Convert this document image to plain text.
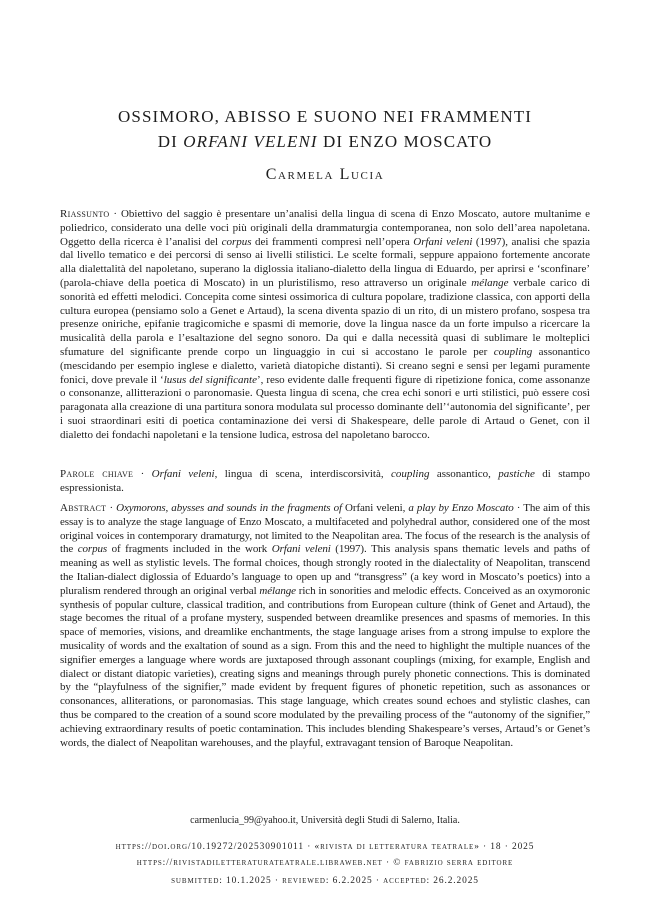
OSSIMORO, ABISSO E SUONO NEI FRAMMENTI
DI ORFANI VELENI DI ENZO MOSCATO
Carmela Lucia

Riassunto · Obiettivo del saggio è presentare un’analisi della lingua di scena di Enzo Moscato, autore multanime e poliedrico, considerato una delle voci più originali della drammaturgia contemporanea, non solo dell’area napoletana. Oggetto della ricerca è l’analisi del corpus dei frammenti compresi nell’opera Orfani veleni (1997), analisi che spazia dal livello tematico e dei percorsi di senso ai livelli stilistici. Le scelte formali, seppure appaiono fortemente ancorate alla dialettalità del napoletano, superano la diglossia italiano-dialetto della lingua di Eduardo, per aprirsi e ‘sconfinare’ (parola-chiave della poetica di Moscato) in un pluristilismo, reso attraverso un originale mélange verbale carico di sonorità ed effetti melodici. Concepita come sintesi ossimorica di cultura popolare, tradizione classica, con apporti della cultura europea (pensiamo solo a Genet e Artaud), la scena diventa spazio di un rito, di un mistero profano, sospesa tra presenze oniriche, epifanie tragicomiche e spasmi di memorie, dove la lingua nasce da un forte impulso a ricercare la musicalità della parola e l’esaltazione del segno sonoro. Da qui e dalla necessità quasi di sublimare le molteplici sfumature del significante prende corpo un linguaggio in cui si accostano le parole per coupling assonantico (mescidando per esempio inglese e dialetto, varietà diatopiche distanti). Si creano segni e sensi per legami puramente fonici, dove prevale il ‘lusus del significante’, reso evidente dalle frequenti figure di ripetizione fonica, come assonanze o consonanze, allitterazioni o paronomasie. Questa lingua di scena, che crea echi sonori e urti stilistici, può essere così paragonata alla creazione di una partitura sonora modulata sul processo dominante dell’‘autonomia del significante’, per i suoi straordinari esiti di poetica contaminazione dei versi di Shakespeare, delle parole di Artaud o Genet, con il dialetto dei fondachi napoletani e la tensione ludica, estrosa del napoletano barocco.

Parole chiave · Orfani veleni, lingua di scena, interdiscorsività, coupling assonantico, pastiche di stampo espressionista.

Abstract · Oxymorons, abysses and sounds in the fragments of Orfani veleni, a play by Enzo Moscato · The aim of this essay is to analyze the stage language of Enzo Moscato, a multifaceted and polyhedral author, considered one of the most original voices in contemporary dramaturgy, not limited to the Neapolitan area. The focus of the research is the analysis of the corpus of fragments included in the work Orfani veleni (1997). This analysis spans thematic levels and paths of meaning as well as stylistic levels. The formal choices, though strongly rooted in the dialectality of Neapolitan, transcend the Italian-dialect diglossia of Eduardo’s language to open up and “transgress” (a key word in Moscato’s poetics) into a pluralism rendered through an original verbal mélange rich in sonorities and melodic effects. Conceived as an oxymoronic synthesis of popular culture, classical tradition, and contributions from European culture (think of Genet and Artaud), the stage becomes the ritual of a profane mystery, suspended between dreamlike presences and spasms of memories. In this space of memories, visions, and dreamlike enchantments, the stage language arises from a strong impulse to explore the musicality of words and the exaltation of sound as a sign. From this and the need to highlight the multiple nuances of the signifier emerges a language where words are juxtaposed through assonant couplings (mixing, for example, English and dialect or distant diatopic varieties), creating signs and meanings through purely phonetic connections. This is dominated by the “playfulness of the signifier,” made evident by frequent figures of phonetic repetition, such as assonances or consonances, alliterations, or paronomasias. This stage language, which creates sound echoes and stylistic clashes, can thus be compared to the creation of a sound score modulated by the prevailing process of the “autonomy of the signifier,” achieving extraordinary results of poetic contamination. This includes blending Shakespeare’s verses, Artaud’s or Genet’s words, the dialect of Neapolitan warehouses, and the playful, extravagant tension of Baroque Neapolitan.

carmenlucia_99@yahoo.it, Università degli Studi di Salerno, Italia.
https://doi.org/10.19272/202530901011 · «rivista di letteratura teatrale» · 18 · 2025
https://rivistadiletteraturateatrale.libraweb.net · © fabrizio serra editore
submitted: 10.1.2025 · reviewed: 6.2.2025 · accepted: 26.2.2025
